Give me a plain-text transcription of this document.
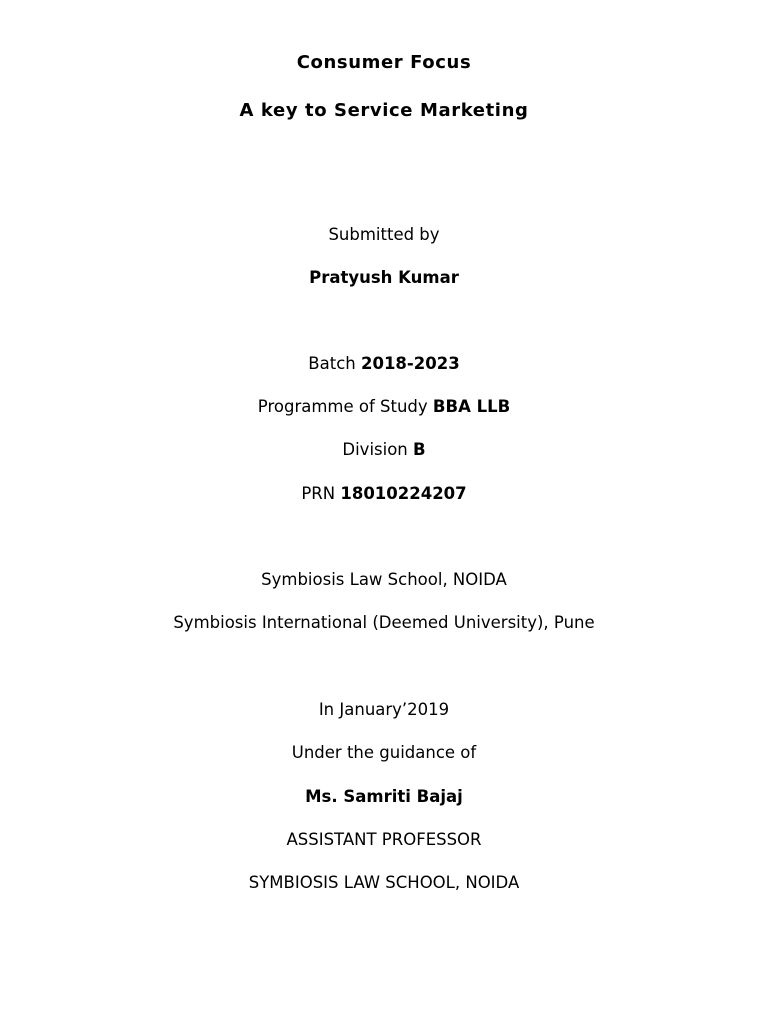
Consumer Focus
A key to Service Marketing
Submitted by
Pratyush Kumar
Batch 2018-2023
Programme of Study BBA LLB
Division B
PRN 18010224207
Symbiosis Law School, NOIDA
Symbiosis International (Deemed University), Pune
In January’2019
Under the guidance of
Ms. Samriti Bajaj
ASSISTANT PROFESSOR
SYMBIOSIS LAW SCHOOL, NOIDA
